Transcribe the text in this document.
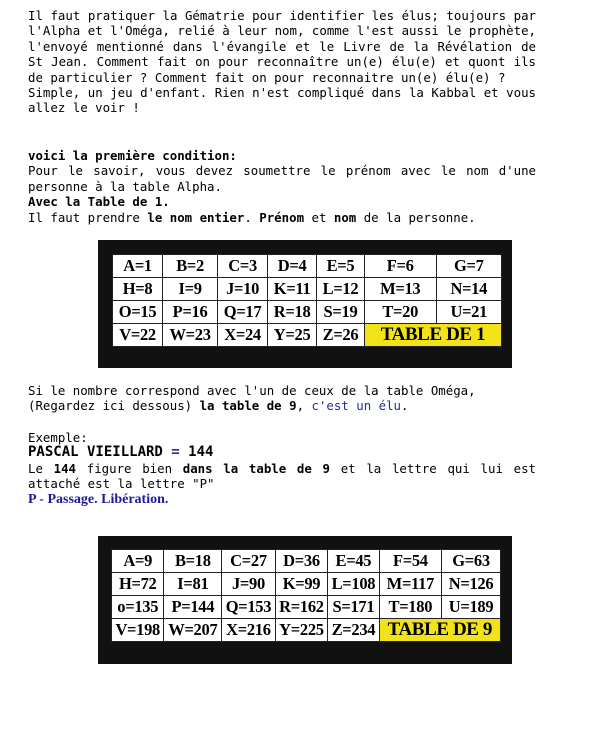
Il faut pratiquer la Gématrie pour identifier les élus; toujours par l'Alpha et l'Oméga, relié à leur nom, comme l'est aussi le prophète, l'envoyé mentionné dans l'évangile et le Livre de la Révélation de St Jean. Comment fait on pour reconnaître un(e) élu(e) et quont ils de particulier ? Comment fait on pour reconnaitre un(e) élu(e) ?
Simple, un jeu d'enfant. Rien n'est compliqué dans la Kabbal et vous allez le voir !
voici la première condition:
Pour le savoir, vous devez soumettre le prénom avec le nom d'une personne à la table Alpha.
Avec la Table de 1.
Il faut prendre le nom entier. Prénom et nom de la personne.
A=1	B=2	C=3	D=4	E=5	F=6	G=7
H=8	I=9	J=10	K=11	L=12	M=13	N=14
O=15	P=16	Q=17	R=18	S=19	T=20	U=21
V=22	W=23	X=24	Y=25	Z=26	TABLE DE 1	
Si le nombre correspond avec l'un de ceux de la table Oméga,
(Regardez ici dessous) la table de 9, c'est un élu.
Exemple:
PASCAL VIEILLARD = 144
Le 144 figure bien dans la table de 9 et la lettre qui lui est attaché est la lettre "P"
P - Passage. Libération.
A=9	B=18	C=27	D=36	E=45	F=54	G=63
H=72	I=81	J=90	K=99	L=108	M=117	N=126
o=135	P=144	Q=153	R=162	S=171	T=180	U=189
V=198	W=207	X=216	Y=225	Z=234	TABLE DE 9	
